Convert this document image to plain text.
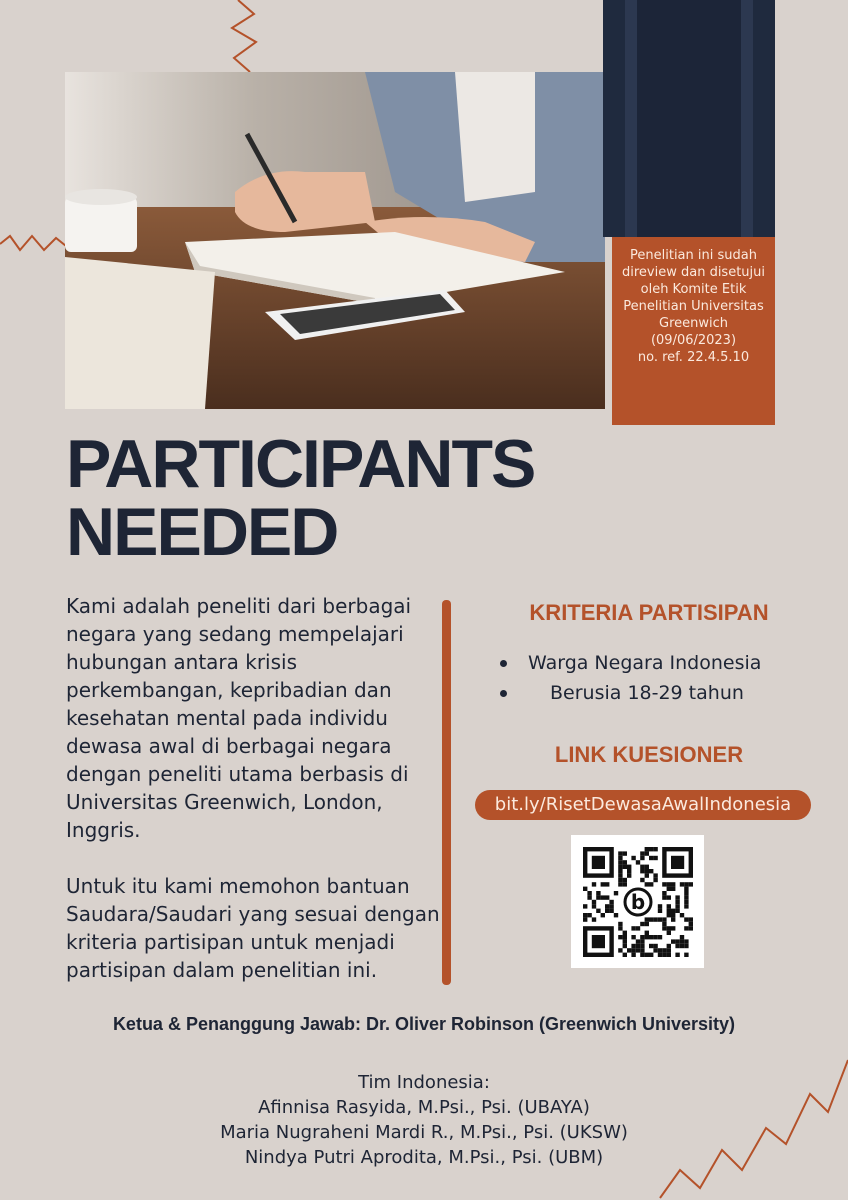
Penelitian ini sudah
direview dan disetujui
oleh Komite Etik
Penelitian Universitas
Greenwich
(09/06/2023)
no. ref. 22.4.5.10
PARTICIPANTS
NEEDED

Kami adalah peneliti dari berbagai

negara yang sedang mempelajari

hubungan antara krisis

perkembangan, kepribadian dan

kesehatan mental pada individu

dewasa awal di berbagai negara

dengan peneliti utama berbasis di

Universitas Greenwich, London,

Inggris.

Untuk itu kami memohon bantuan

Saudara/Saudari yang sesuai dengan

kriteria partisipan untuk menjadi

partisipan dalam penelitian ini.

KRITERIA PARTISIPAN
Warga Negara Indonesia
Berusia 18-29 tahun
LINK KUESIONER
bit.ly/RisetDewasaAwalIndonesia
b
Ketua & Penanggung Jawab: Dr. Oliver Robinson (Greenwich University)
Tim Indonesia:
Afinnisa Rasyida, M.Psi., Psi. (UBAYA)
Maria Nugraheni Mardi R., M.Psi., Psi. (UKSW)
Nindya Putri Aprodita, M.Psi., Psi. (UBM)
